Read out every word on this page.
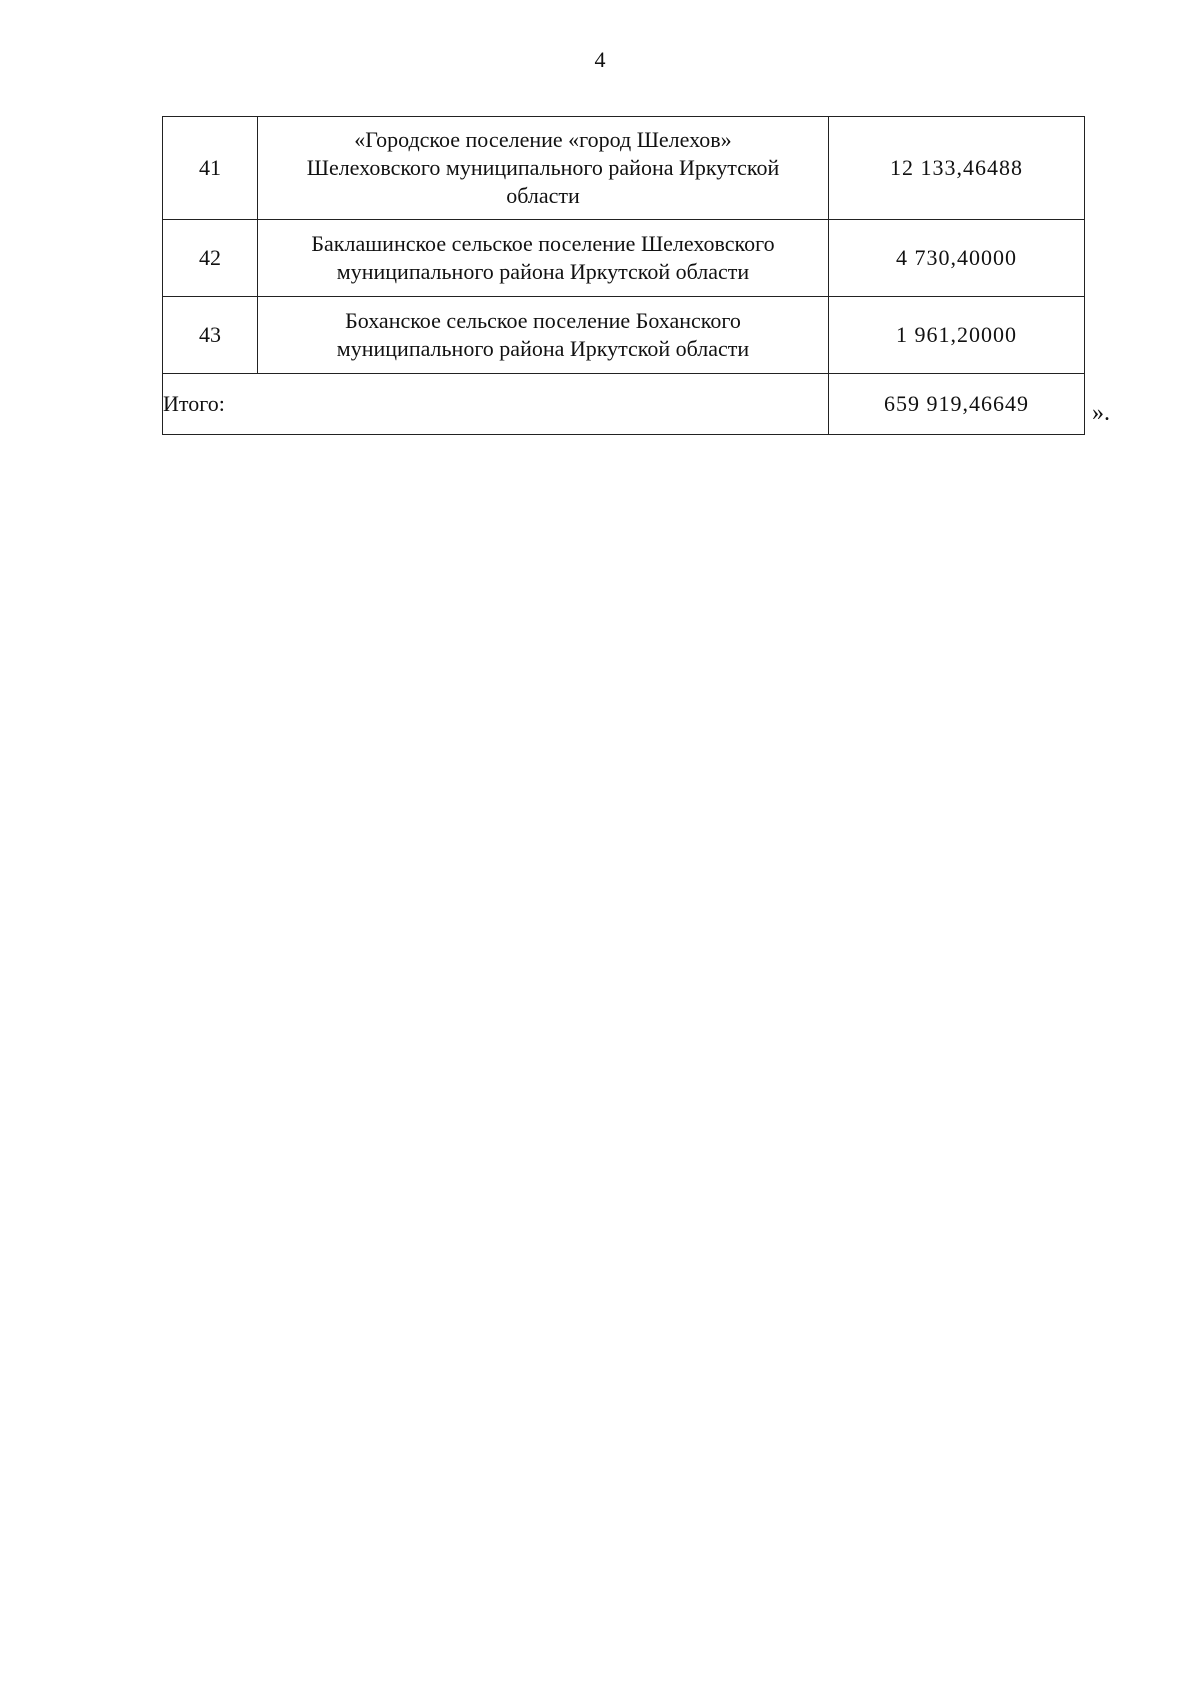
4
41	«Городское поселение «город Шелехов»
Шелеховского муниципального района Иркутской
области	12 133,46488
42	Баклашинское сельское поселение Шелеховского
муниципального района Иркутской области	4 730,40000
43	Боханское сельское поселение Боханского
муниципального района Иркутской области	1 961,20000
Итого:		659 919,46649	».
